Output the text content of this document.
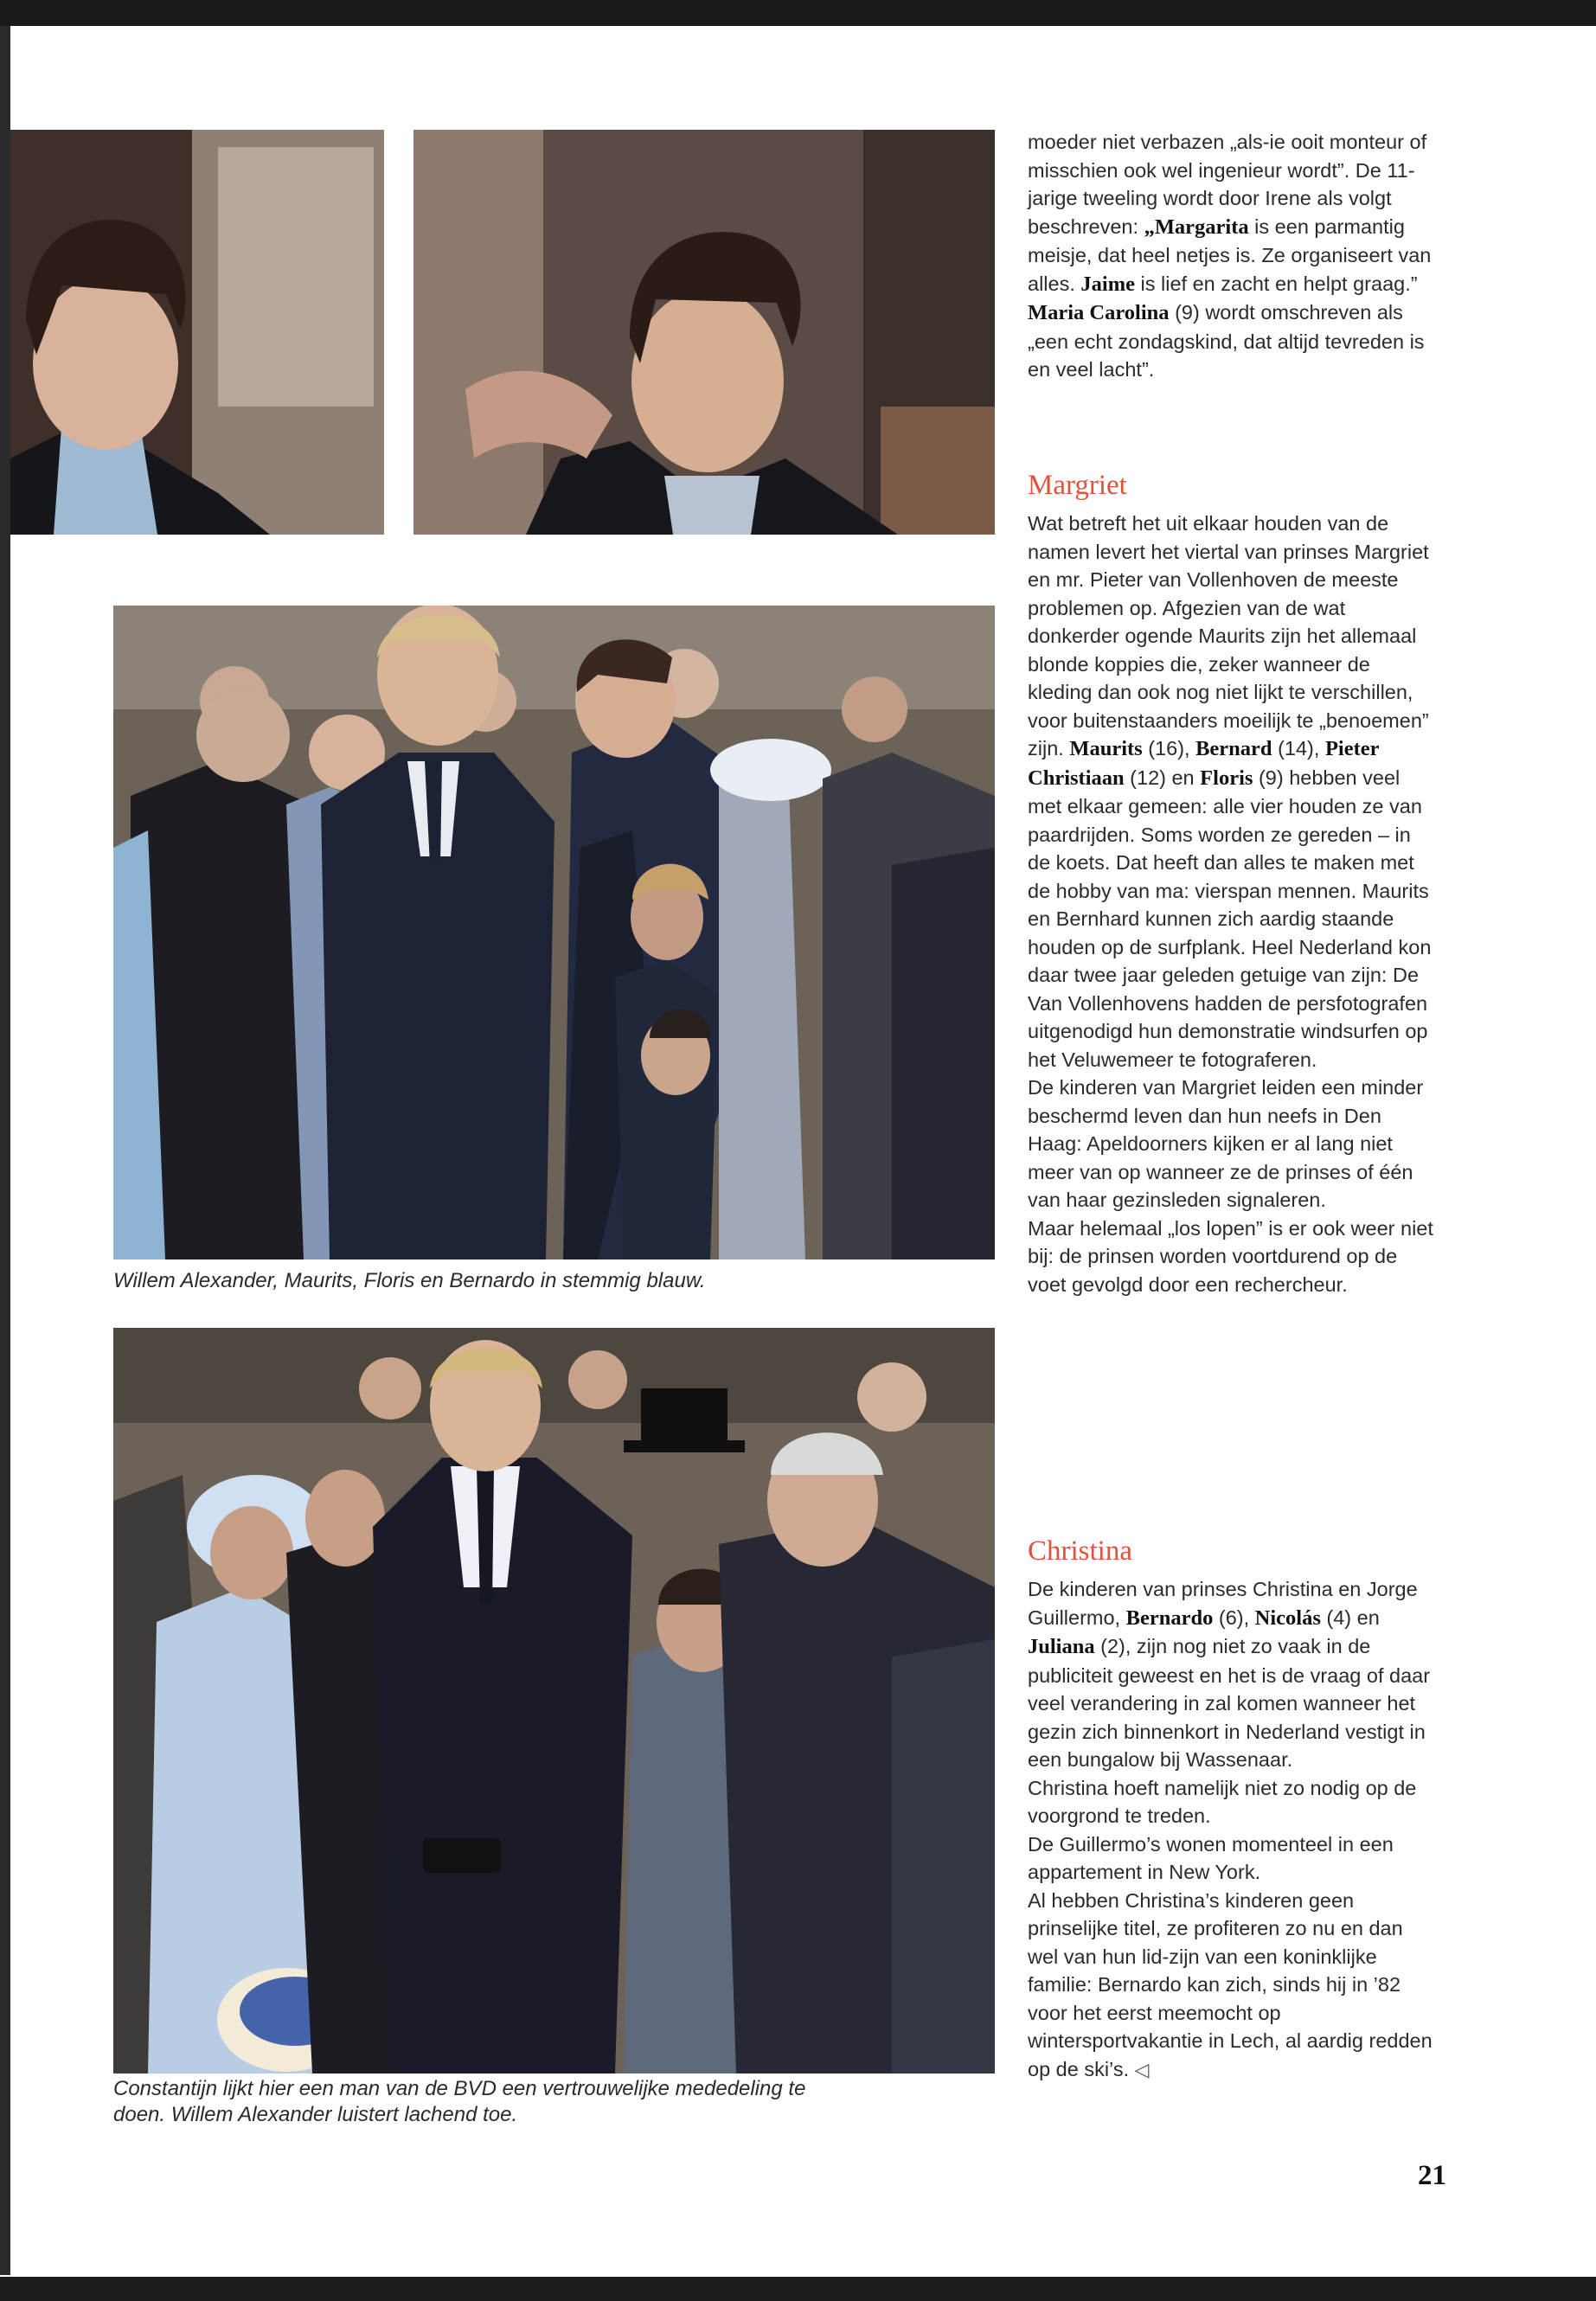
Willem Alexander, Maurits, Floris en Bernardo in stemmig blauw.

Constantijn lijkt hier een man van de BVD een vertrouwelijke mededeling te
doen. Willem Alexander luistert lachend toe.

moeder niet verbazen „als-ie ooit monteur of misschien ook wel ingenieur wordt”. De 11-jarige tweeling wordt door Irene als volgt beschreven: „Margarita is een parmantig meisje, dat heel netjes is. Ze organiseert van alles. Jaime is lief en zacht en helpt graag.” Maria Carolina (9) wordt omschreven als „een echt zondagskind, dat altijd tevreden is en veel lacht”.

Margriet

Wat betreft het uit elkaar houden van de namen levert het viertal van prinses Margriet en mr. Pieter van Vollenhoven de meeste problemen op. Afgezien van de wat donkerder ogende Maurits zijn het allemaal blonde koppies die, zeker wanneer de kleding dan ook nog niet lijkt te verschillen, voor buitenstaanders moeilijk te „benoemen” zijn. Maurits (16), Bernard (14), Pieter Christiaan (12) en Floris (9) hebben veel met elkaar gemeen: alle vier houden ze van paardrijden. Soms worden ze gereden – in de koets. Dat heeft dan alles te maken met de hobby van ma: vierspan mennen. Maurits en Bernhard kunnen zich aardig staande houden op de surfplank. Heel Nederland kon daar twee jaar geleden getuige van zijn: De Van Vollenhovens hadden de persfotografen uitgenodigd hun demonstratie windsurfen op het Veluwemeer te fotograferen.

De kinderen van Margriet leiden een minder beschermd leven dan hun neefs in Den Haag: Apeldoorners kijken er al lang niet meer van op wanneer ze de prinses of één van haar gezinsleden signaleren.

Maar helemaal „los lopen” is er ook weer niet bij: de prinsen worden voortdurend op de voet gevolgd door een rechercheur.

Christina

De kinderen van prinses Christina en Jorge Guillermo, Bernardo (6), Nicolás (4) en Juliana (2), zijn nog niet zo vaak in de publiciteit geweest en het is de vraag of daar veel verandering in zal komen wanneer het gezin zich binnenkort in Nederland vestigt in een bungalow bij Wassenaar.

Christina hoeft namelijk niet zo nodig op de voorgrond te treden.

De Guillermo’s wonen momenteel in een appartement in New York.

Al hebben Christina’s kinderen geen prinselijke titel, ze profiteren zo nu en dan wel van hun lid-zijn van een koninklijke familie: Bernardo kan zich, sinds hij in ’82 voor het eerst meemocht op wintersportvakantie in Lech, al aardig redden op de ski’s. ◁

21
